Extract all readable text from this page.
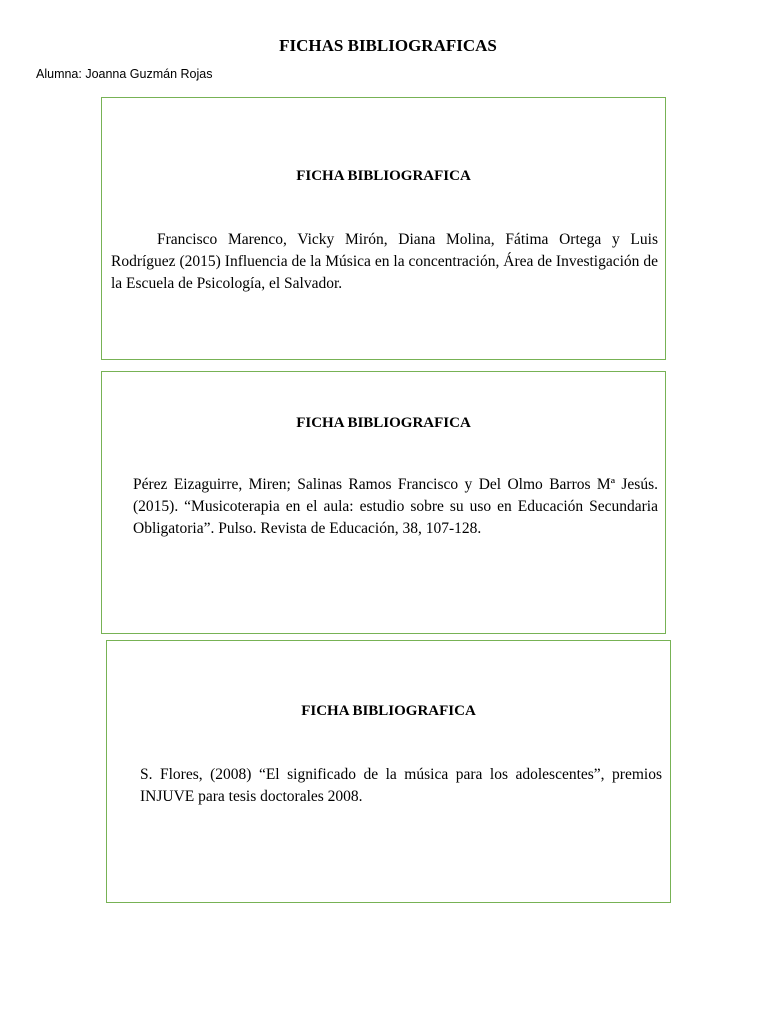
FICHAS BIBLIOGRAFICAS

Alumna: Joanna Guzmán Rojas

FICHA BIBLIOGRAFICA

Francisco Marenco, Vicky Mirón, Diana Molina, Fátima Ortega y Luis Rodríguez (2015) Influencia de la Música en la concentración, Área de Investigación de la Escuela de Psicología, el Salvador.

FICHA BIBLIOGRAFICA

Pérez Eizaguirre, Miren; Salinas Ramos Francisco y Del Olmo Barros Mª Jesús. (2015). “Musicoterapia en el aula: estudio sobre su uso en Educación Secundaria Obligatoria”. Pulso. Revista de Educación, 38, 107-128.

FICHA BIBLIOGRAFICA

S. Flores, (2008) “El significado de la música para los adolescentes”, premios INJUVE para tesis doctorales 2008.
